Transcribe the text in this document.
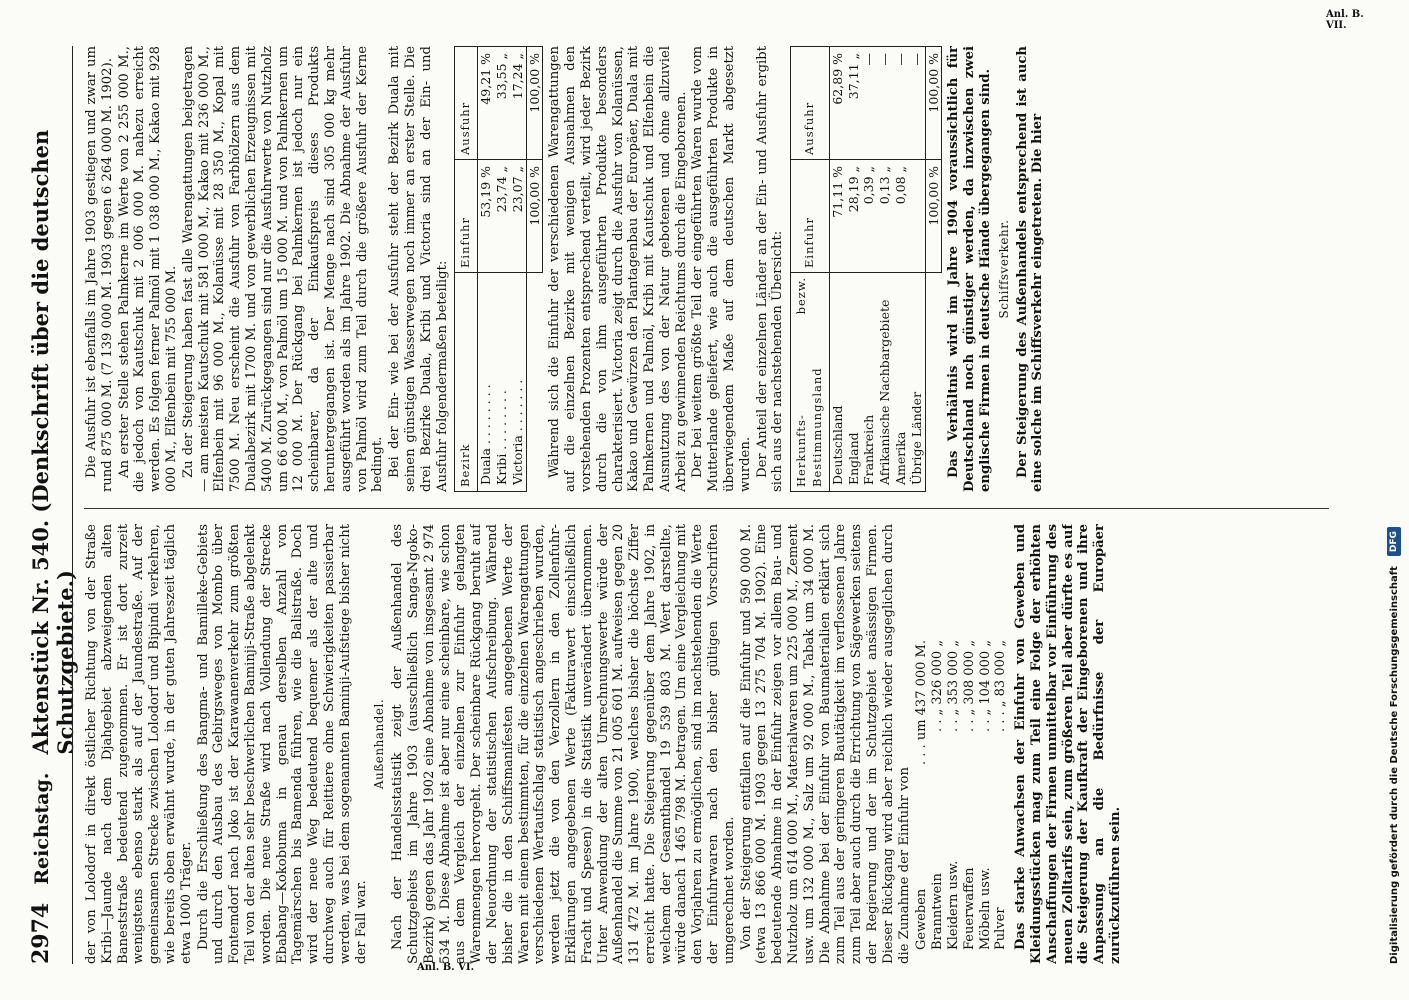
2974
Reichstag.
Aktenstück Nr. 540. (Denkschrift über die deutschen Schutzgebiete.)
Anl. B. VI.
Anl. B. VII.

der von Lolodorf in direkt östlicher Richtung von der Straße Kribi—Jaunde nach dem Djahgebiet abzweigenden alten Baneststraße bedeutend zugenommen. Er ist dort zurzeit wenigstens ebenso stark als auf der Jaundestraße. Auf der gemeinsamen Strecke zwischen Lolodorf und Bipindi verkehren, wie bereits oben erwähnt wurde, in der guten Jahreszeit täglich etwa 1000 Träger. Durch die Erschließung des Bangma- und Bamilleke-Gebiets und durch den Ausbau des Gebirgsweges von Mombo über Fontemdorf nach Joko ist der Karawanenverkehr zum größten Teil von der alten sehr beschwerlichen Baminji-Straße abgelenkt worden. Die neue Straße wird nach Vollendung der Strecke Ebabang—Kokobuma in genau derselben Anzahl von Tagemärschen bis Bamenda führen, wie die Balistraße. Doch wird der neue Weg bedeutend bequemer als der alte und durchweg auch für Reittiere ohne Schwierigkeiten passierbar werden, was bei dem sogenannten Baminji-Aufstiege bisher nicht der Fall war.

Außenhandel. Nach der Handelsstatistik zeigt der Außenhandel des Schutzgebiets im Jahre 1903 (ausschließlich Sanga-Ngoko-Bezirk) gegen das Jahr 1902 eine Abnahme von insgesamt 2 974 534 M. Diese Abnahme ist aber nur eine scheinbare, wie schon aus dem Vergleich der einzelnen zur Einfuhr gelangten Warenmengen hervorgeht. Der scheinbare Rückgang beruht auf der Neuordnung der statistischen Aufschreibung. Während bisher die in den Schiffsmanifesten angegebenen Werte der Waren mit einem bestimmten, für die einzelnen Warengattungen verschiedenen Wertaufschlag statistisch angeschrieben wurden, werden jetzt die von den Verzollern in den Zollenfuhr-Erklärungen angegebenen Werte (Fakturawert einschließlich Fracht und Spesen) in die Statistik unverändert übernommen. Unter Anwendung der alten Umrechnungswerte würde der Außenhandel die Summe von 21 005 601 M. aufweisen gegen 20 131 472 M. im Jahre 1900, welches bisher die höchste Ziffer erreicht hatte. Die Steigerung gegenüber dem Jahre 1902, in welchem der Gesamthandel 19 539 803 M. Wert darstellte, würde danach 1 465 798 M. betragen. Um eine Vergleichung mit den Vorjahren zu ermöglichen, sind im nachstehenden die Werte der Einfuhrwaren nach den bisher gültigen Vorschriften umgerechnet worden. Von der Steigerung entfallen auf die Einfuhr und 590 000 M. (etwa 13 866 000 M. 1903 gegen 13 275 704 M. 1902). Eine bedeutende Abnahme in der Einfuhr zeigen vor allem Bau- und Nutzholz um 614 000 M., Materialwaren um 225 000 M., Zement usw. um 132 000 M., Salz um 92 000 M., Tabak um 34 000 M. Die Abnahme bei der Einfuhr von Baumaterialien erklärt sich zum Teil aus der geringeren Bautätigkeit im verflossenen Jahre zum Teil aber auch durch die Errichtung von Sägewerken seitens der Regierung und der im Schutzgebiet ansässigen Firmen. Dieser Rückgang wird aber reichlich wieder ausgeglichen durch die Zunahme der Einfuhr von Geweben
. . . um 437 000 M.
Branntwein
. . „ 326 000 „
Kleidern usw.
. . „ 353 000 „
Feuerwaffen
. . „ 308 000 „
Möbeln usw.
. . „ 104 000 „
Pulver
. . . „ 83 000 „ Das starke Anwachsen der Einfuhr von Geweben und Kleidungsstücken mag zum Teil eine Folge der erhöhten Anschaffungen der Firmen unmittelbar vor Einführung des neuen Zolltarifs sein, zum größeren Teil aber dürfte es auf die Steigerung der Kaufkraft der Eingeborenen und ihre Anpassung an die Bedürfnisse der Europäer zurückzuführen sein.

Die Ausfuhr ist ebenfalls im Jahre 1903 gestiegen und zwar um rund 875 000 M. (7 139 000 M. 1903 gegen 6 264 000 M. 1902). An erster Stelle stehen Palmkerne im Werte von 2 255 000 M., die jedoch von Kautschuk mit 2 006 000 M. nahezu erreicht werden. Es folgen ferner Palmöl mit 1 038 000 M., Kakao mit 928 000 M., Elfenbein mit 755 000 M. Zu der Steigerung haben fast alle Warengattungen beigetragen — am meisten Kautschuk mit 581 000 M., Kakao mit 236 000 M., Elfenbein mit 96 000 M., Kolanüsse mit 28 350 M., Kopal mit 7500 M. Neu erscheint die Ausfuhr von Farbhölzern aus dem Dualabezirk mit 1700 M. und von gewerblichen Erzeugnissen mit 5400 M. Zurückgegangen sind nur die Ausfuhrwerte von Nutzholz um 66 000 M., von Palmöl um 15 000 M. und von Palmkernen um 12 000 M. Der Rückgang bei Palmkernen ist jedoch nur ein scheinbarer, da der Einkaufspreis dieses Produkts heruntergegangen ist. Der Menge nach sind 305 000 kg mehr ausgeführt worden als im Jahre 1902. Die Abnahme der Ausfuhr von Palmöl wird zum Teil durch die größere Ausfuhr der Kerne bedingt. Bei der Ein- wie bei der Ausfuhr steht der Bezirk Duala mit seinen günstigen Wasserwegen noch immer an erster Stelle. Die drei Bezirke Duala, Kribi und Victoria sind an der Ein- und Ausfuhr folgendermaßen beteiligt: Bezirk	Einfuhr	Ausfuhr
Duala . . . . . . . .	53,19 %	49,21 %
Kribi . . . . . . . .	23,74 „	33,55 „
Victoria . . . . . . .	23,07 „	17,24 „
	100,00 %	100,00 % Während sich die Einfuhr der verschiedenen Warengattungen auf die einzelnen Bezirke mit wenigen Ausnahmen den vorstehenden Prozenten entsprechend verteilt, wird jeder Bezirk durch die von ihm ausgeführten Produkte besonders charakterisiert. Victoria zeigt durch die Ausfuhr von Kolanüssen, Kakao und Gewürzen den Plantagenbau der Europäer, Duala mit Palmkernen und Palmöl, Kribi mit Kautschuk und Elfenbein die Ausnutzung des von der Natur gebotenen und ohne allzuviel Arbeit zu gewinnenden Reichtums durch die Eingeborenen. Der bei weitem größte Teil der eingeführten Waren wurde vom Mutterlande geliefert, wie auch die ausgeführten Produkte in überwiegendem Maße auf dem deutschen Markt abgesetzt wurden. Der Anteil der einzelnen Länder an der Ein- und Ausfuhr ergibt sich aus der nachstehenden Übersicht: Herkunfts- bezw. Bestimmungsland	Einfuhr	Ausfuhr
Deutschland	71,11 %	62,89 %
England	28,19 „	37,11 „
Frankreich	0,39 „	—
Afrikanische Nachbargebiete	0,13 „	—
Amerika	0,08 „	—
Übrige Länder		—
	100,00 %	100,00 % Das Verhältnis wird im Jahre 1904 voraussichtlich für Deutschland noch günstiger werden, da inzwischen zwei englische Firmen in deutsche Hände übergegangen sind. Schiffsverkehr. Der Steigerung des Außenhandels entsprechend ist auch eine solche im Schiffsverkehr eingetreten. Die hier

Digitalisierung gefördert durch die Deutsche Forschungsgemeinschaft
DFG
